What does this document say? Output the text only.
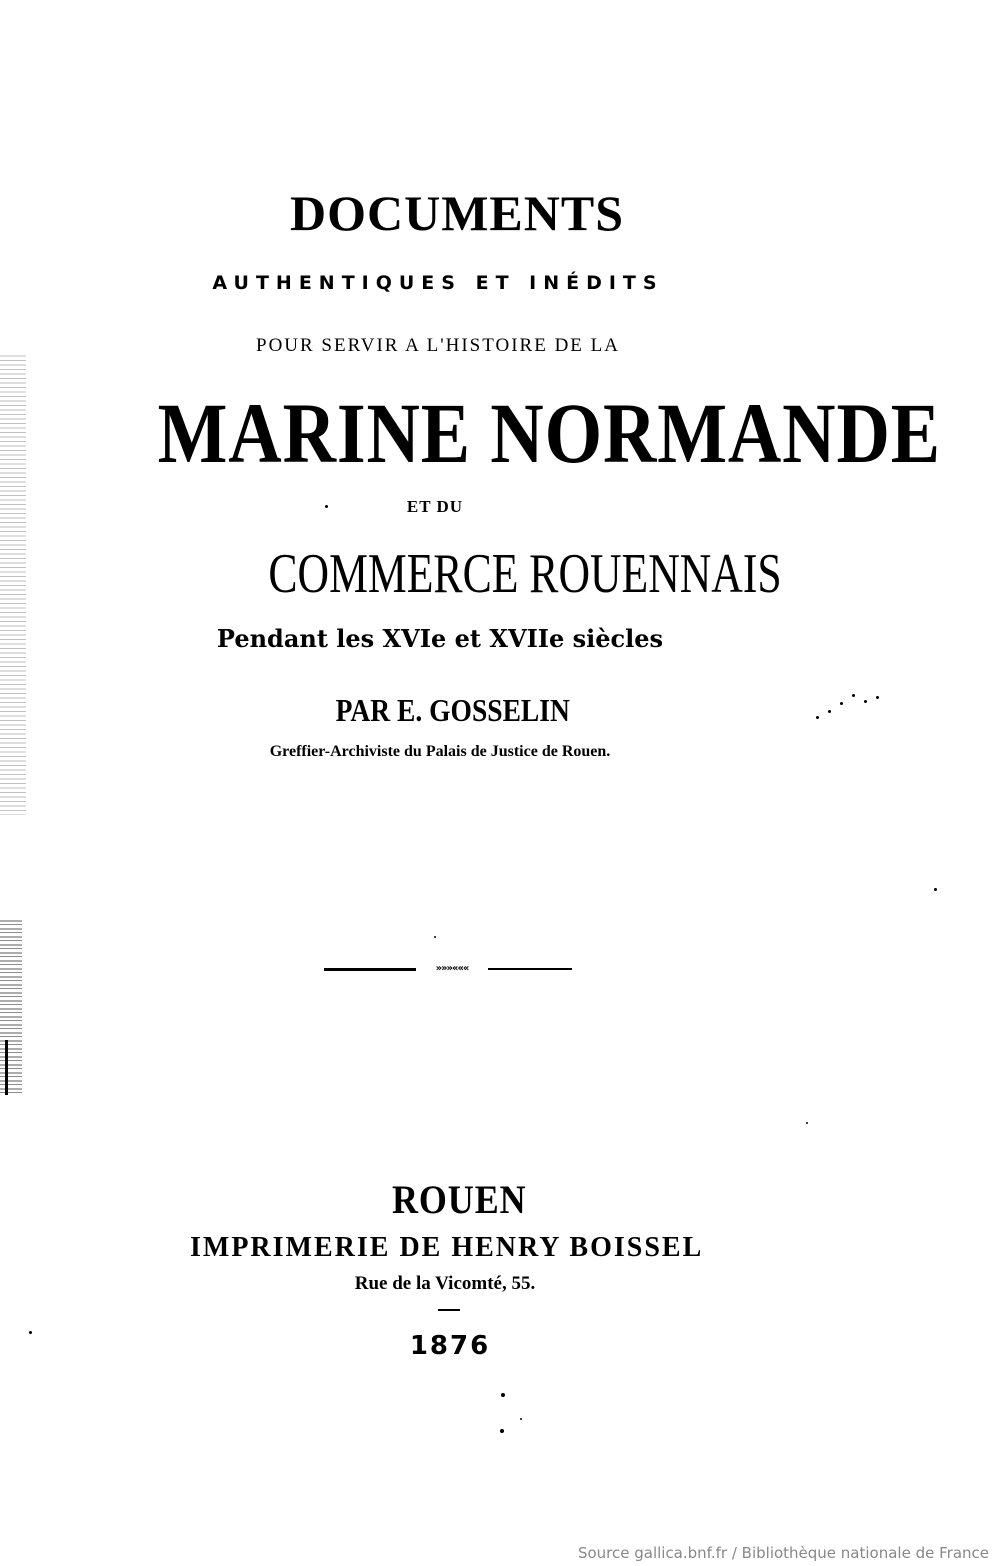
DOCUMENTS
AUTHENTIQUES ET INÉDITS
POUR SERVIR A L'HISTOIRE DE LA
MARINE NORMANDE
ET DU
COMMERCE ROUENNAIS
Pendant les XVIe et XVIIe siècles
PAR E. GOSSELIN
Greffier-Archiviste du Palais de Justice de Rouen.
»»»«««
ROUEN
IMPRIMERIE DE HENRY BOISSEL
Rue de la Vicomté, 55.
1876
Source gallica.bnf.fr / Bibliothèque nationale de France
